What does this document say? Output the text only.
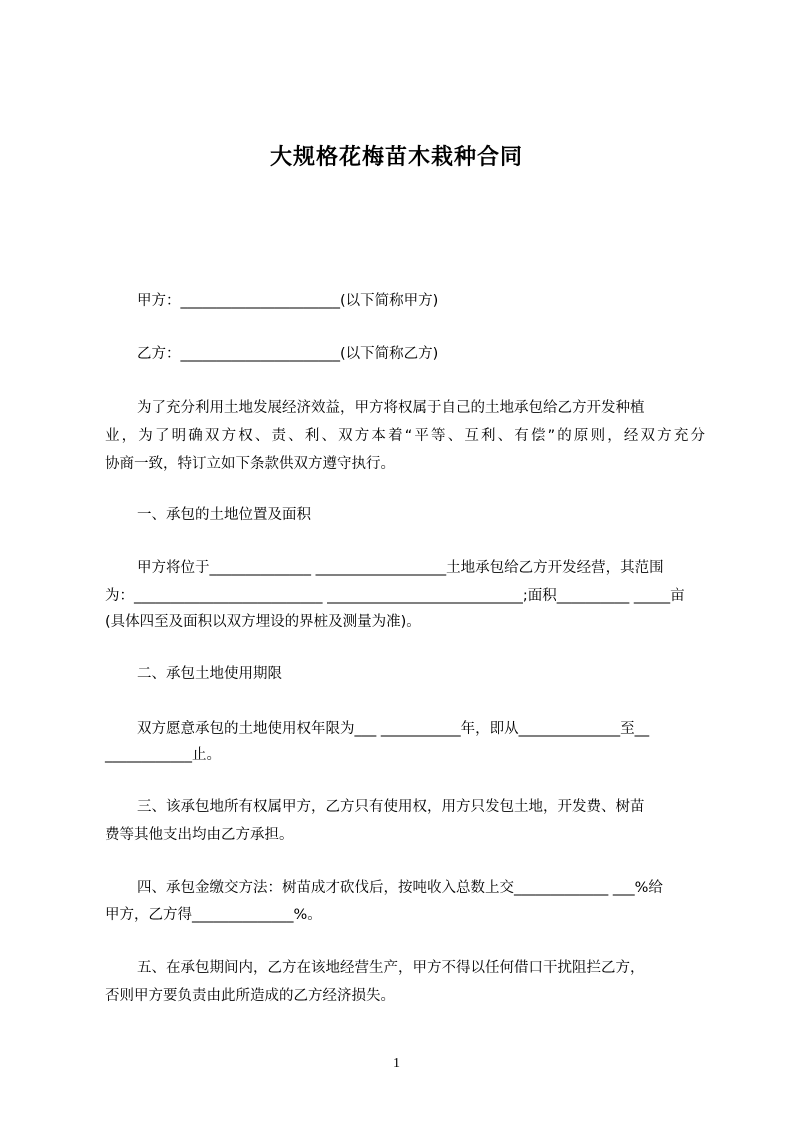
大规格花梅苗木栽种合同
甲方：______________________(以下简称甲方)
乙方：______________________(以下简称乙方)
为了充分利用土地发展经济效益，甲方将权属于自己的土地承包给乙方开发种植
业，为了明确双方权、责、利、双方本着“平等、互利、有偿”的原则，经双方充分
协商一致，特订立如下条款供双方遵守执行。
一、承包的土地位置及面积
甲方将位于______________ __________________土地承包给乙方开发经营，其范围
为：__________________________ ___________________________;面积__________ _____亩
(具体四至及面积以双方埋设的界桩及测量为准)。
二、承包土地使用期限
双方愿意承包的土地使用权年限为___ ___________年，即从______________至__
____________止。
三、该承包地所有权属甲方，乙方只有使用权，用方只发包土地，开发费、树苗
费等其他支出均由乙方承担。
四、承包金缴交方法：树苗成才砍伐后，按吨收入总数上交_____________ ___%给
甲方，乙方得______________%。
五、在承包期间内，乙方在该地经营生产，甲方不得以任何借口干扰阻拦乙方，
否则甲方要负责由此所造成的乙方经济损失。
1
